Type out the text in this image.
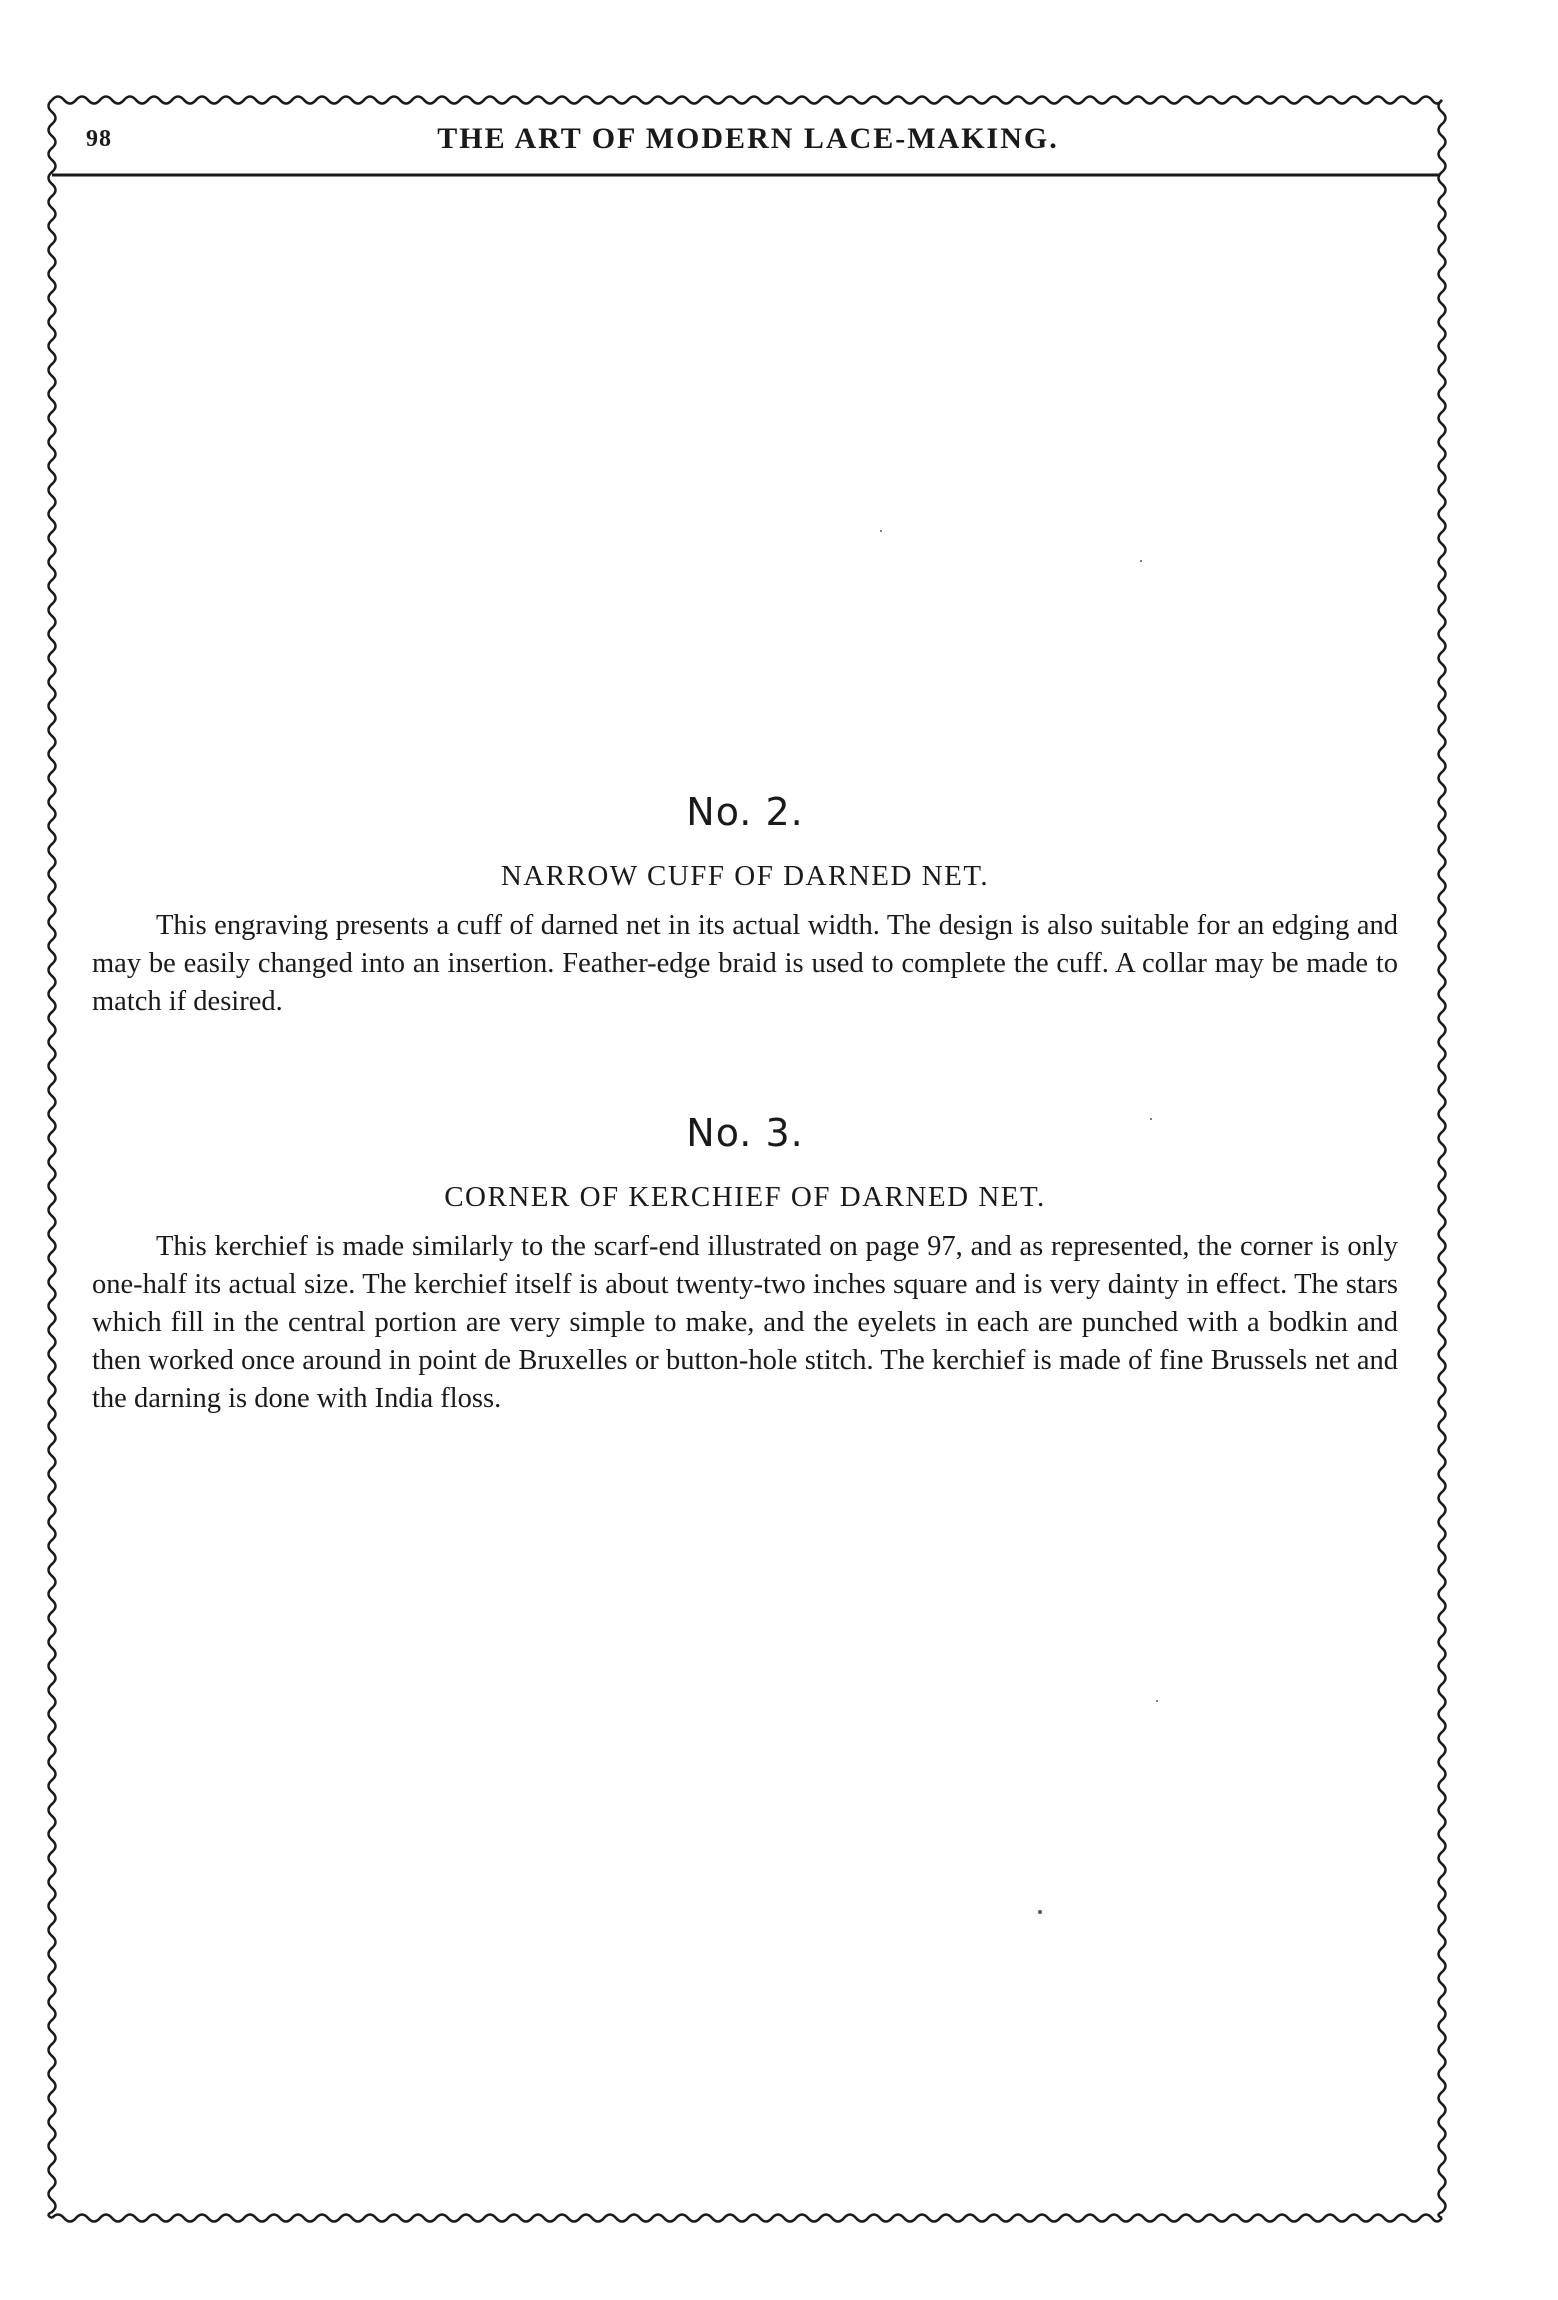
98	THE ART OF MODERN LACE-MAKING.
No. 2.
NARROW CUFF OF DARNED NET.

This engraving presents a cuff of darned net in its actual width. The design is also suitable for an edging and may be easily changed into an insertion. Feather-edge braid is used to complete the cuff. A collar may be made to match if desired.

No. 3.
CORNER OF KERCHIEF OF DARNED NET.

This kerchief is made similarly to the scarf-end illustrated on page 97, and as represented, the corner is only one-half its actual size. The kerchief itself is about twenty-two inches square and is very dainty in effect. The stars which fill in the central portion are very simple to make, and the eyelets in each are punched with a bodkin and then worked once around in point de Bruxelles or button-hole stitch. The kerchief is made of fine Brussels net and the darning is done with India floss.
